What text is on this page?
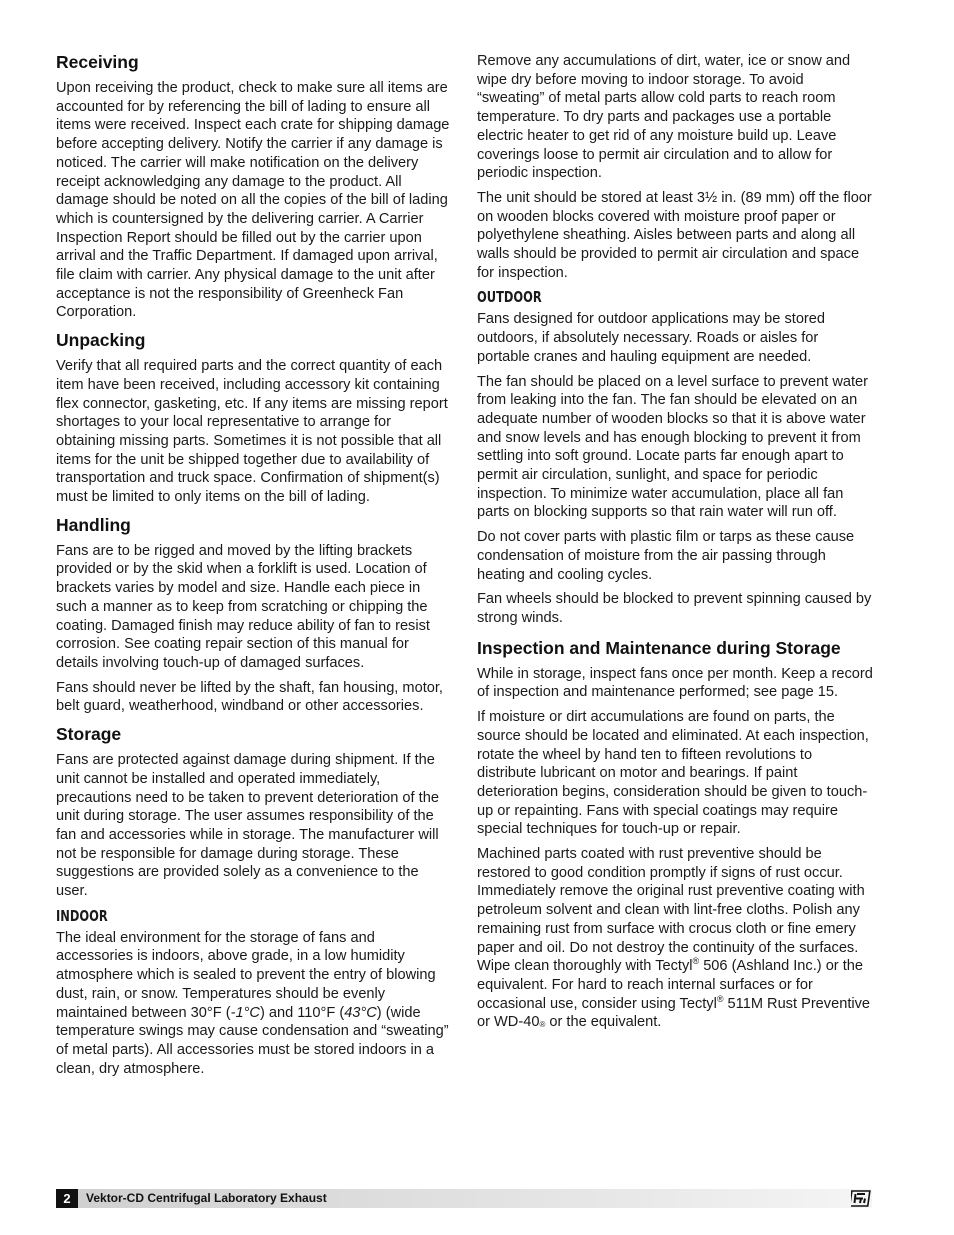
Receiving

Upon receiving the product, check to make sure all items are accounted for by referencing the bill of lading to ensure all items were received. Inspect each crate for shipping damage before accepting delivery. Notify the carrier if any damage is noticed. The carrier will make notification on the delivery receipt acknowledging any damage to the product. All damage should be noted on all the copies of the bill of lading which is countersigned by the delivering carrier. A Carrier Inspection Report should be filled out by the carrier upon arrival and the Traffic Department. If damaged upon arrival, file claim with carrier. Any physical damage to the unit after acceptance is not the responsibility of Greenheck Fan Corporation.

Unpacking

Verify that all required parts and the correct quantity of each item have been received, including accessory kit containing flex connector, gasketing, etc. If any items are missing report shortages to your local representative to arrange for obtaining missing parts. Sometimes it is not possible that all items for the unit be shipped together due to availability of transportation and truck space. Confirmation of shipment(s) must be limited to only items on the bill of lading.

Handling

Fans are to be rigged and moved by the lifting brackets provided or by the skid when a forklift is used. Location of brackets varies by model and size. Handle each piece in such a manner as to keep from scratching or chipping the coating. Damaged finish may reduce ability of fan to resist corrosion. See coating repair section of this manual for details involving touch-up of damaged surfaces.

Fans should never be lifted by the shaft, fan housing, motor, belt guard, weatherhood, windband or other accessories.

Storage

Fans are protected against damage during shipment. If the unit cannot be installed and operated immediately, precautions need to be taken to prevent deterioration of the unit during storage. The user assumes responsibility of the fan and accessories while in storage. The manufacturer will not be responsible for damage during storage. These suggestions are provided solely as a convenience to the user.

INDOOR

The ideal environment for the storage of fans and accessories is indoors, above grade, in a low humidity atmosphere which is sealed to prevent the entry of blowing dust, rain, or snow. Temperatures should be evenly maintained between 30°F (-1°C) and 110°F (43°C) (wide temperature swings may cause condensation and “sweating” of metal parts). All accessories must be stored indoors in a clean, dry atmosphere.

Remove any accumulations of dirt, water, ice or snow and wipe dry before moving to indoor storage. To avoid “sweating” of metal parts allow cold parts to reach room temperature. To dry parts and packages use a portable electric heater to get rid of any moisture build up. Leave coverings loose to permit air circulation and to allow for periodic inspection.

The unit should be stored at least 3½ in. (89 mm) off the floor on wooden blocks covered with moisture proof paper or polyethylene sheathing. Aisles between parts and along all walls should be provided to permit air circulation and space for inspection.

OUTDOOR

Fans designed for outdoor applications may be stored outdoors, if absolutely necessary. Roads or aisles for portable cranes and hauling equipment are needed.

The fan should be placed on a level surface to prevent water from leaking into the fan. The fan should be elevated on an adequate number of wooden blocks so that it is above water and snow levels and has enough blocking to prevent it from settling into soft ground. Locate parts far enough apart to permit air circulation, sunlight, and space for periodic inspection. To minimize water accumulation, place all fan parts on blocking supports so that rain water will run off.

Do not cover parts with plastic film or tarps as these cause condensation of moisture from the air passing through heating and cooling cycles.

Fan wheels should be blocked to prevent spinning caused by strong winds.

Inspection and Maintenance during Storage

While in storage, inspect fans once per month. Keep a record of inspection and maintenance performed; see page 15.

If moisture or dirt accumulations are found on parts, the source should be located and eliminated. At each inspection, rotate the wheel by hand ten to fifteen revolutions to distribute lubricant on motor and bearings. If paint deterioration begins, consideration should be given to touch-up or repainting. Fans with special coatings may require special techniques for touch-up or repair.

Machined parts coated with rust preventive should be restored to good condition promptly if signs of rust occur. Immediately remove the original rust preventive coating with petroleum solvent and clean with lint-free cloths. Polish any remaining rust from surface with crocus cloth or fine emery paper and oil. Do not destroy the continuity of the surfaces. Wipe clean thoroughly with Tectyl® 506 (Ashland Inc.) or the equivalent. For hard to reach internal surfaces or for occasional use, consider using Tectyl® 511M Rust Preventive or WD-40® or the equivalent.

2	Vektor-CD Centrifugal Laboratory Exhaust
